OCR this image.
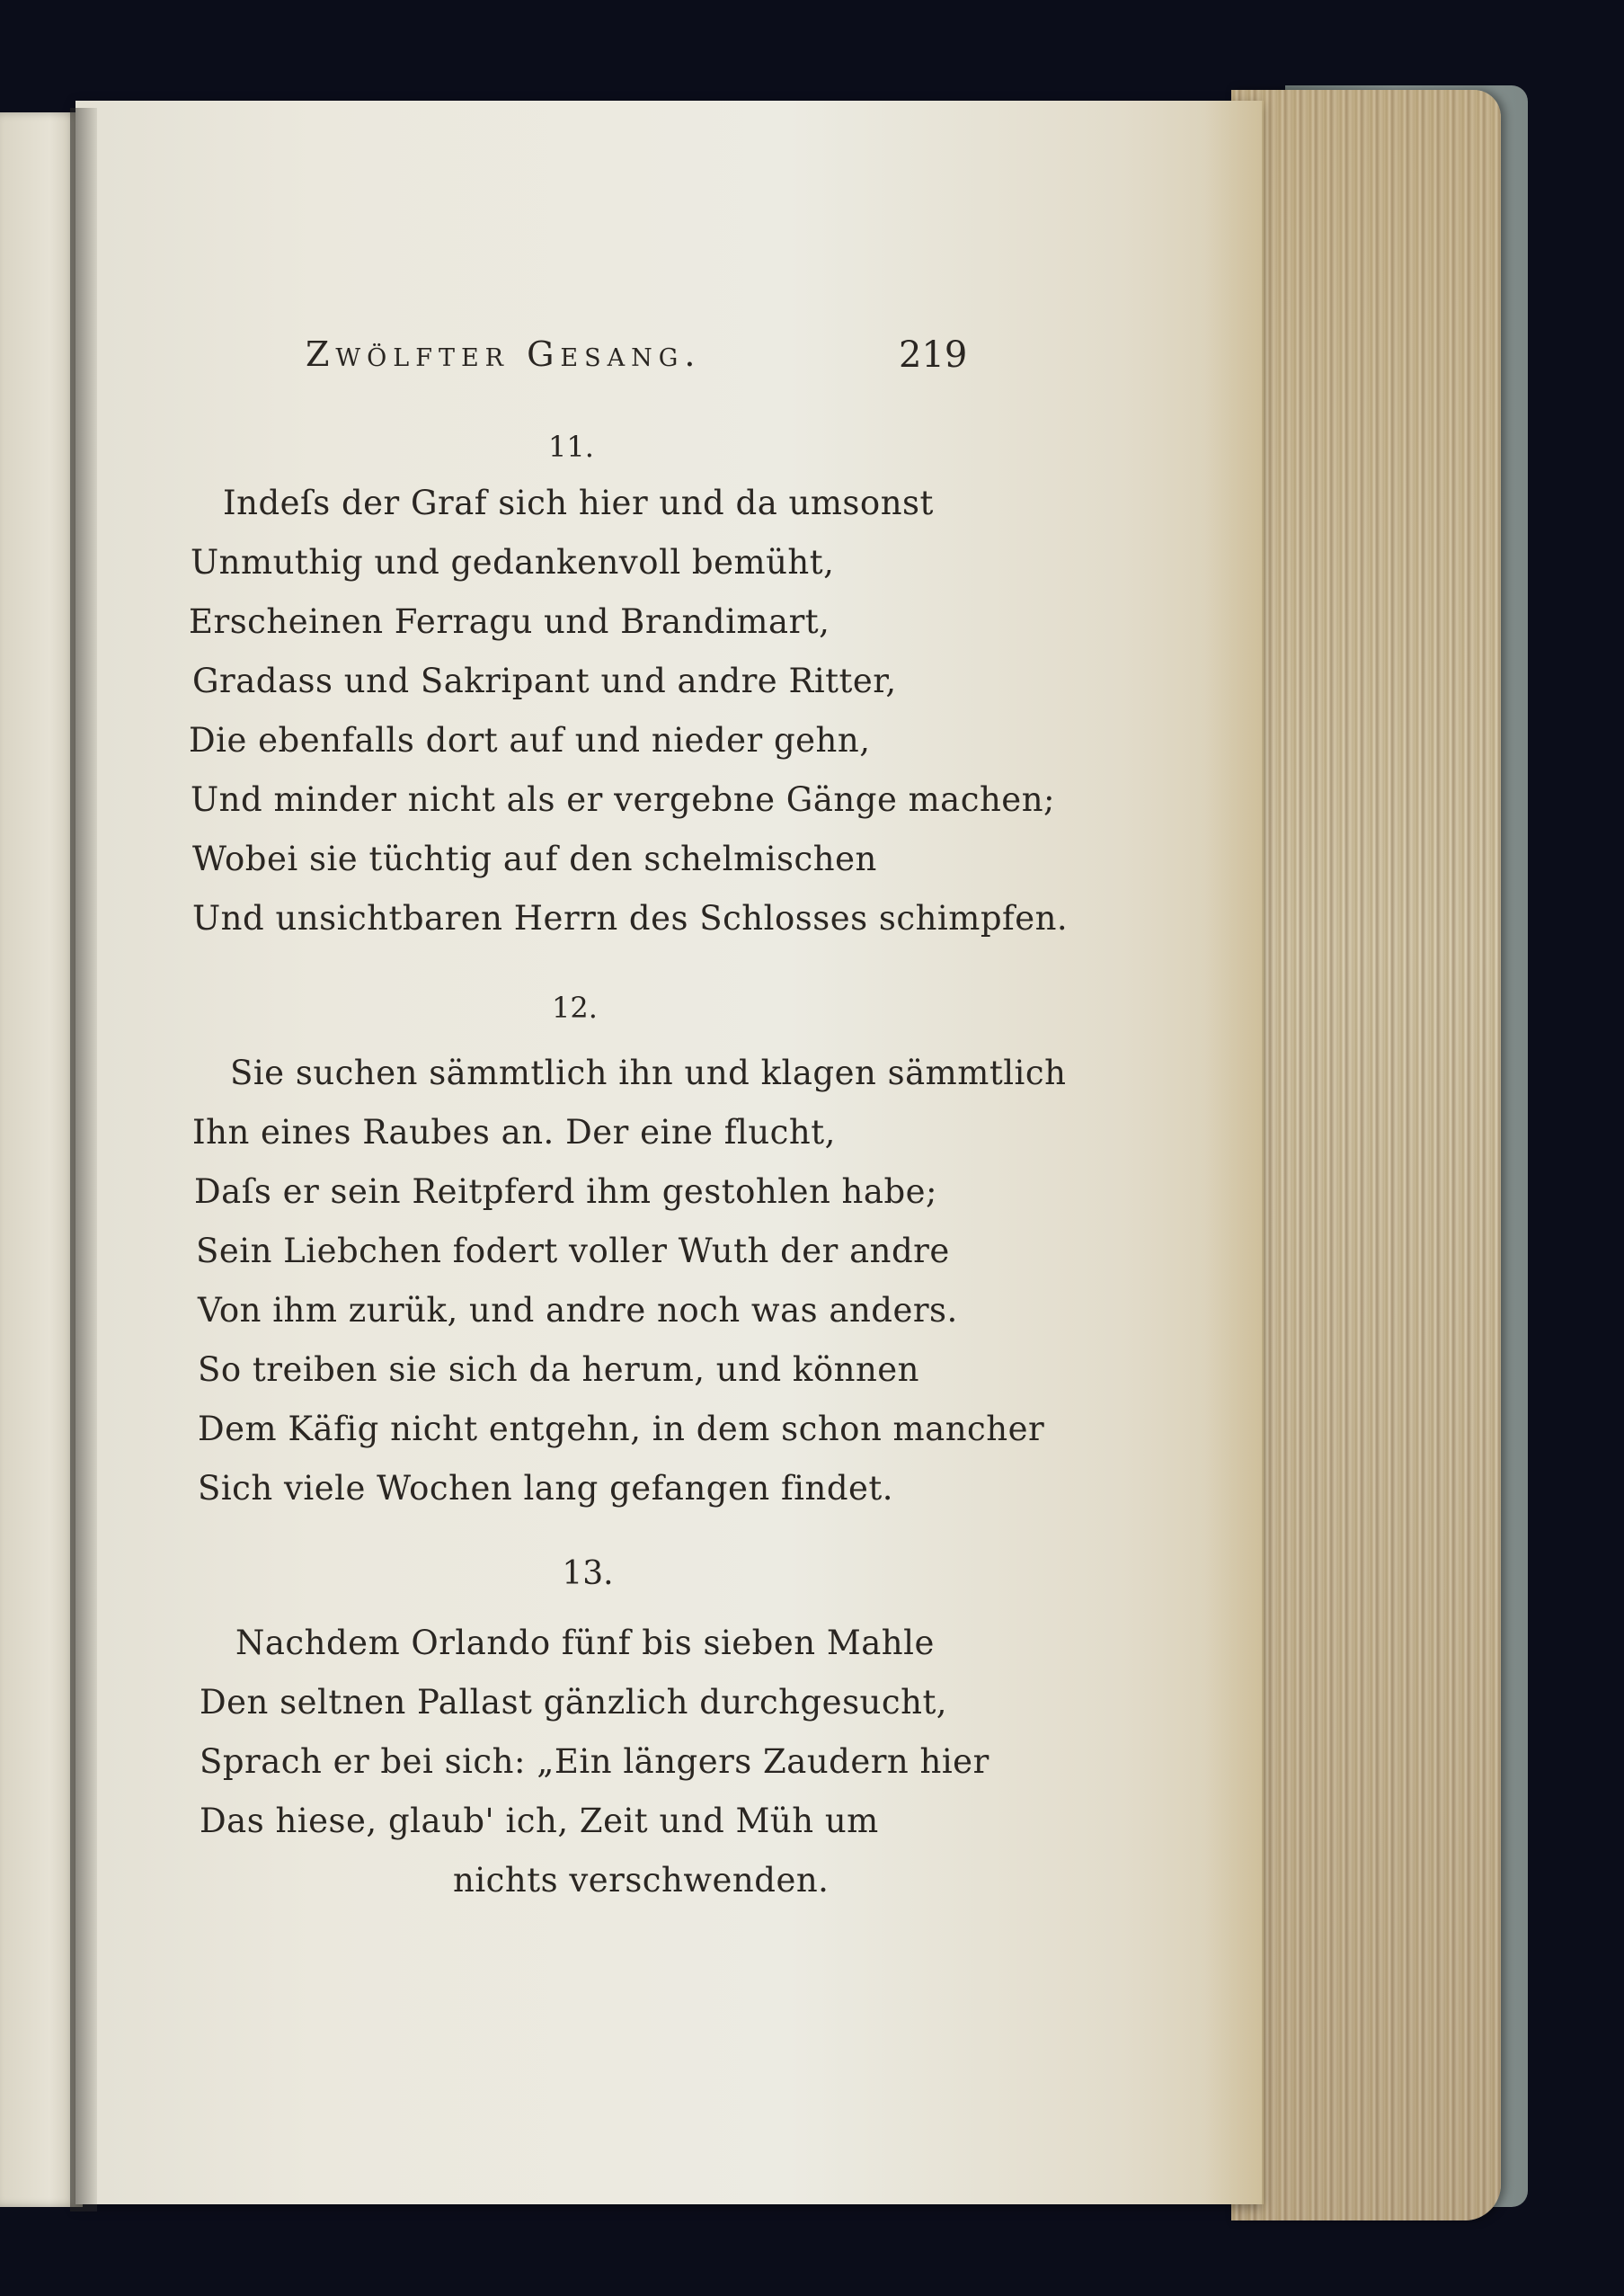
Zwölfter Gesang.	219
11.
Indeſs der Graf sich hier und da umsonst
Unmuthig und gedankenvoll bemüht,
Erscheinen Ferragu und Brandimart,
Gradass und Sakripant und andre Ritter,
Die ebenfalls dort auf und nieder gehn,
Und minder nicht als er vergebne Gänge machen;
Wobei sie tüchtig auf den schelmischen
Und unsichtbaren Herrn des Schlosses schimpfen.
12.
Sie suchen sämmtlich ihn und klagen sämmtlich
Ihn eines Raubes an. Der eine flucht,
Daſs er sein Reitpferd ihm gestohlen habe;
Sein Liebchen fodert voller Wuth der andre
Von ihm zurük, und andre noch was anders.
So treiben sie sich da herum, und können
Dem Käfig nicht entgehn, in dem schon mancher
Sich viele Wochen lang gefangen findet.
13.
Nachdem Orlando fünf bis sieben Mahle
Den seltnen Pallast gänzlich durchgesucht,
Sprach er bei sich: „Ein längers Zaudern hier
Das hiese, glaub' ich, Zeit und Müh um
nichts verschwenden.
